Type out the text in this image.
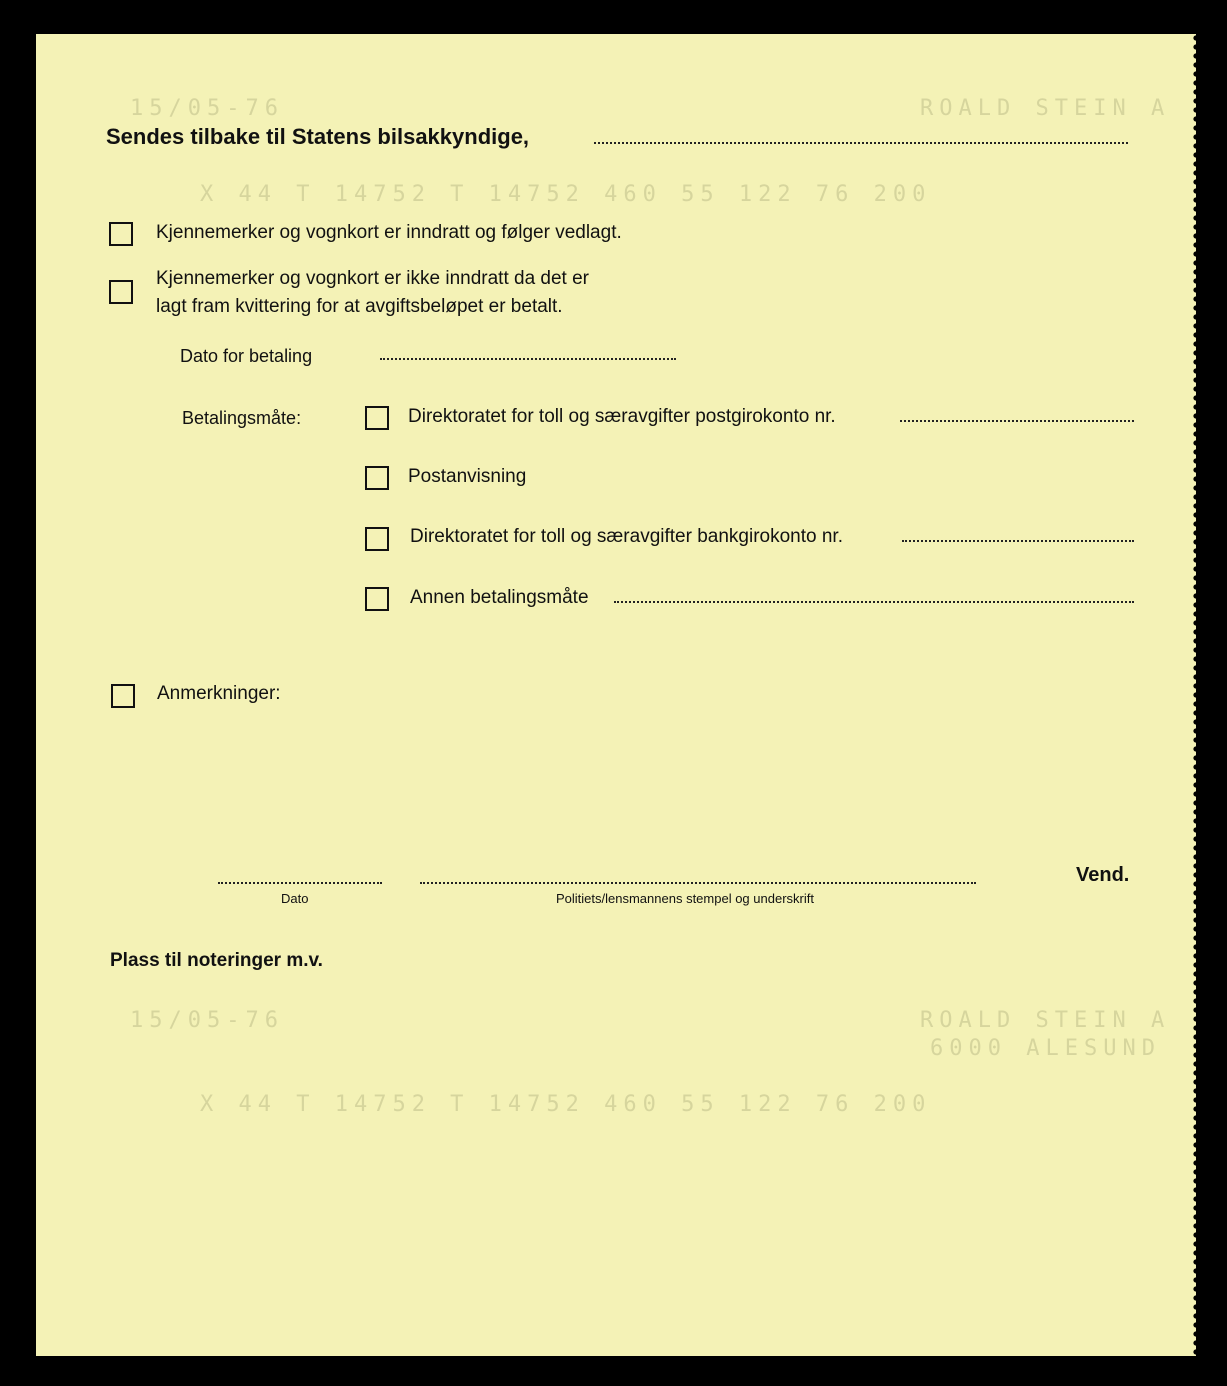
ROALD STEIN A
15/05-76
X 44 T 14752 T 14752 460 55 122 76 200
ROALD STEIN A
6000 ALESUND
15/05-76
X 44 T 14752 T 14752 460 55 122 76 200
Sendes tilbake til Statens bilsakkyndige,
Kjennemerker og vognkort er inndratt og følger vedlagt.
Kjennemerker og vognkort er ikke inndratt da det er
lagt fram kvittering for at avgiftsbeløpet er betalt.
Dato for betaling
Betalingsmåte:	Direktoratet for toll og særavgifter postgirokonto nr.
Postanvisning
Direktoratet for toll og særavgifter bankgirokonto nr.
Annen betalingsmåte
Anmerkninger:
Dato	Politiets/lensmannens stempel og underskrift
Vend.
Plass til noteringer m.v.
